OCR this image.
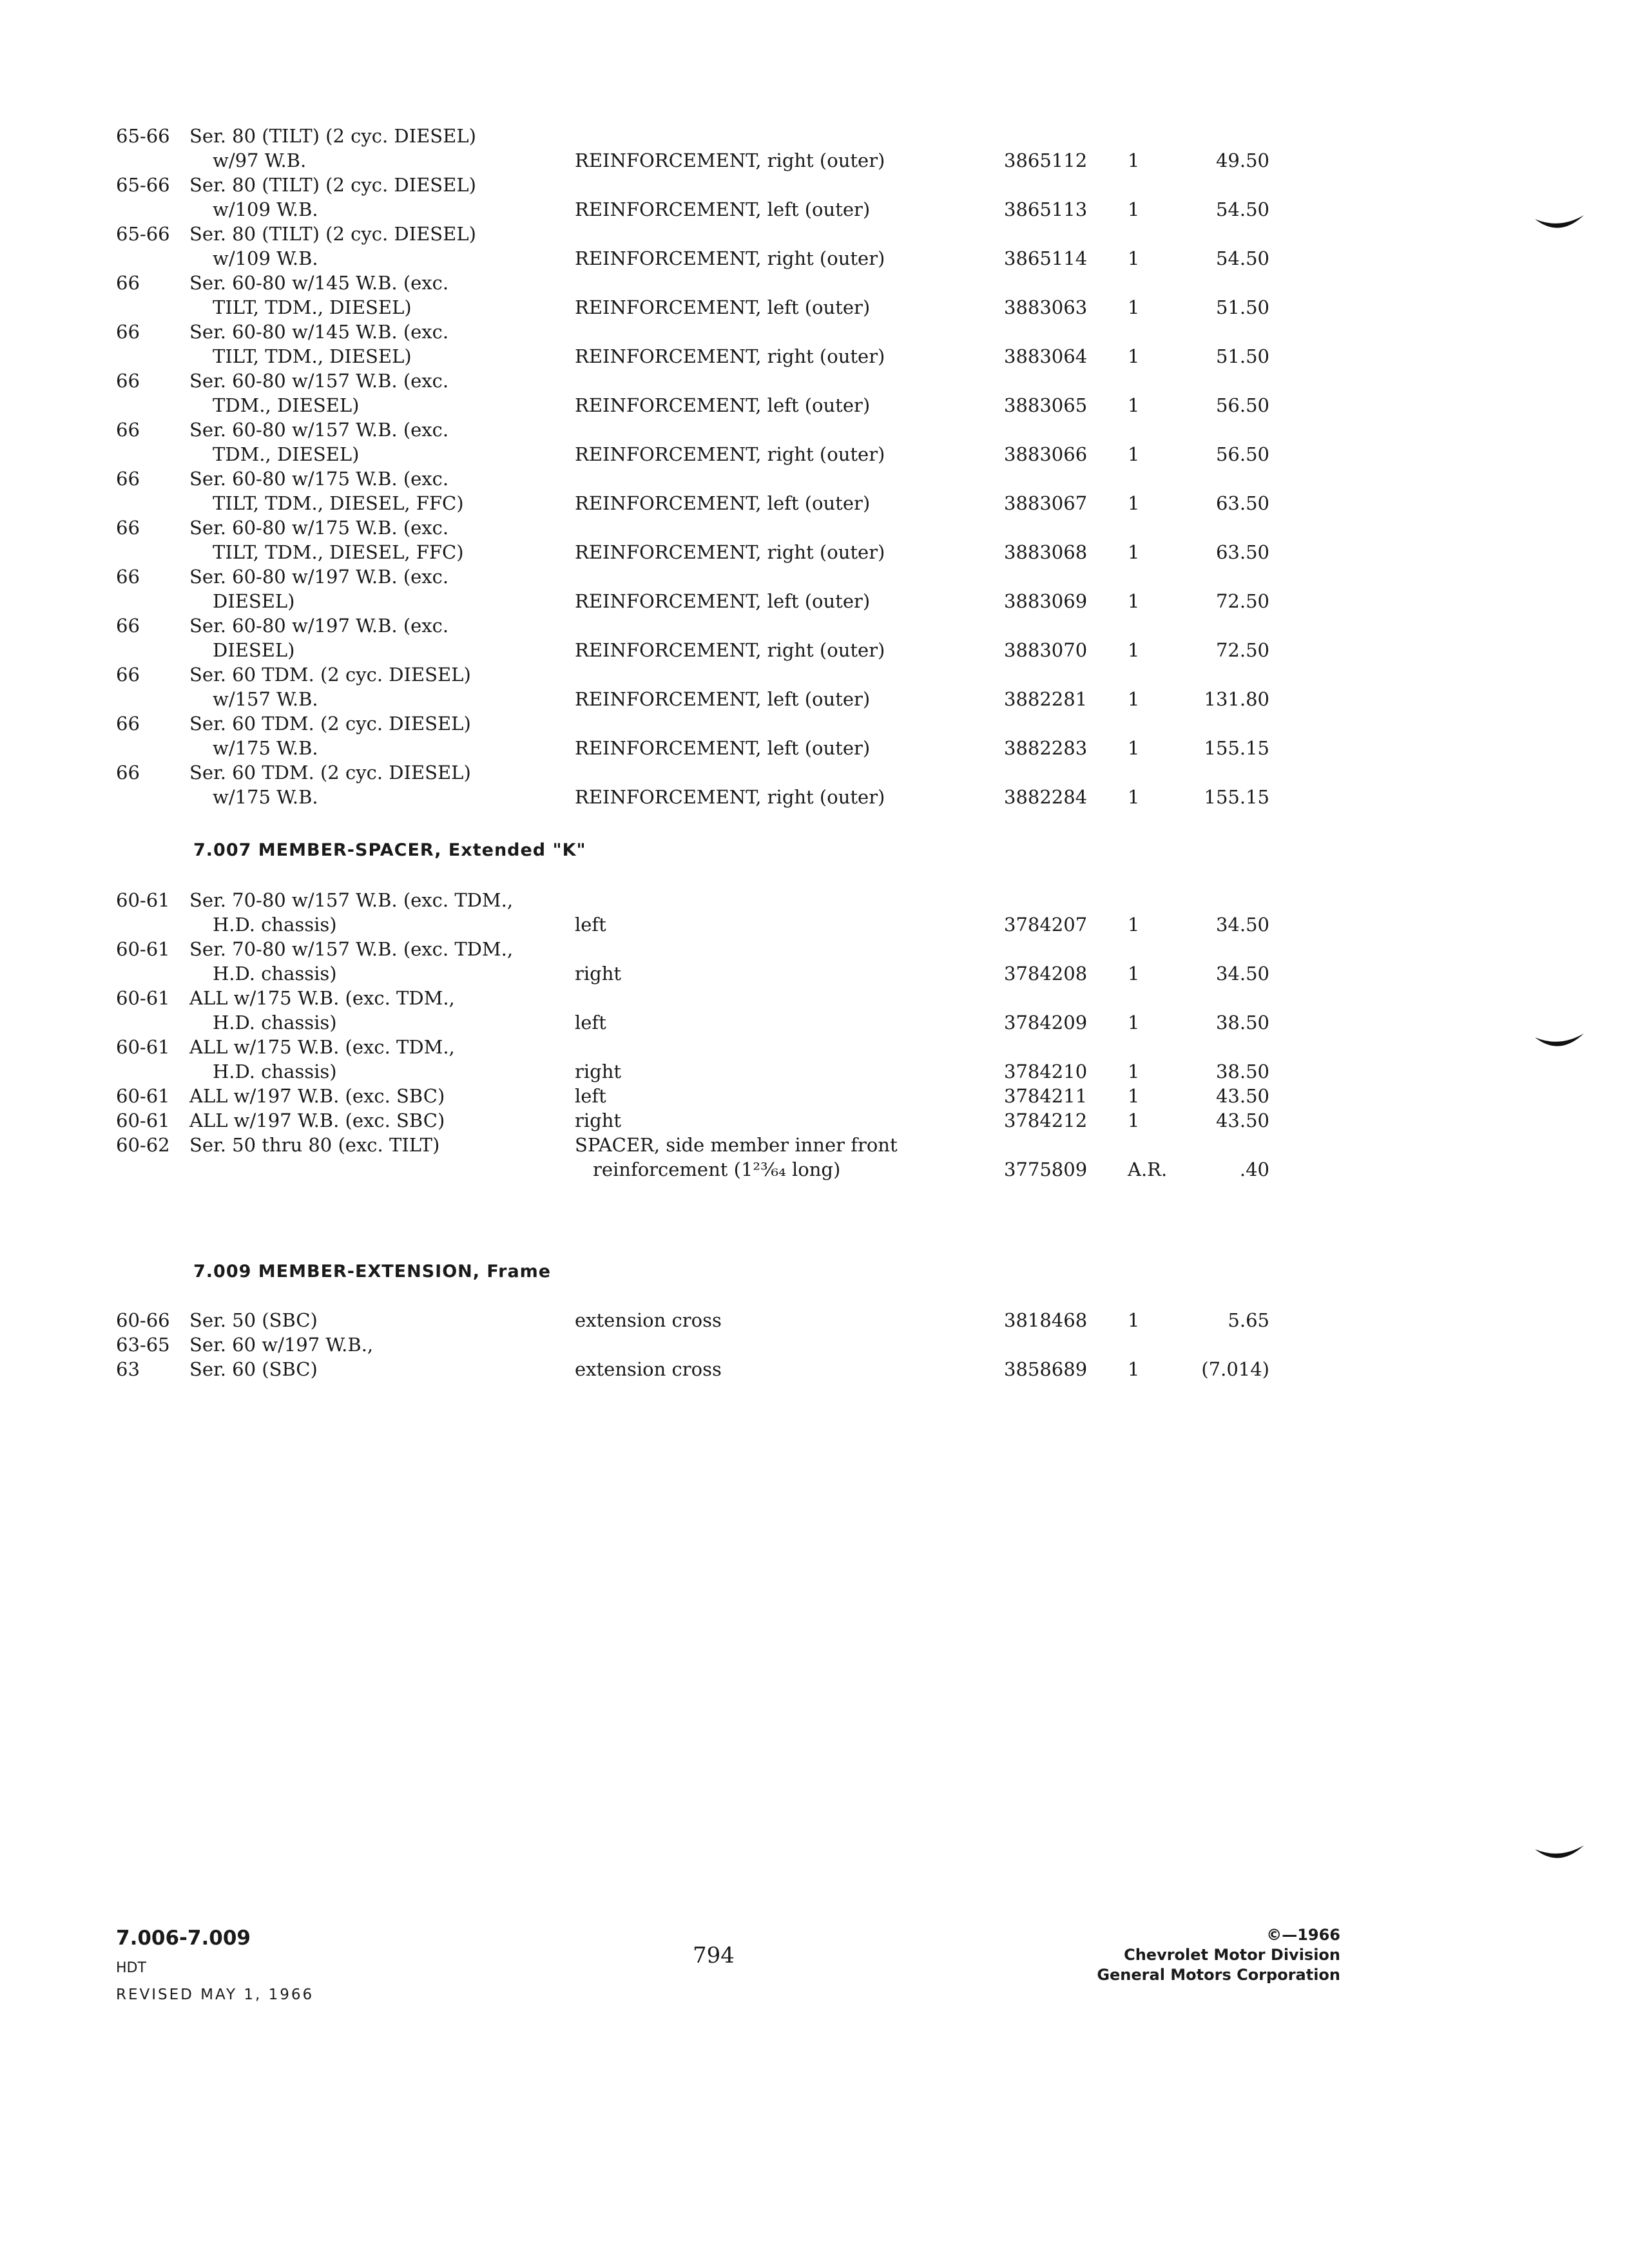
65-66 Ser. 80 (TILT) (2 cyc. DIESEL)
w/97 W.B.	REINFORCEMENT, right (outer)	3865112 1	49.50
65-66 Ser. 80 (TILT) (2 cyc. DIESEL)
w/109 W.B.	REINFORCEMENT, left (outer)	3865113 1	54.50
65-66 Ser. 80 (TILT) (2 cyc. DIESEL)
w/109 W.B.	REINFORCEMENT, right (outer)	3865114 1	54.50
66	Ser. 60-80 w/145 W.B. (exc.
TILT, TDM., DIESEL)	REINFORCEMENT, left (outer)	3883063 1	51.50
66	Ser. 60-80 w/145 W.B. (exc.
TILT, TDM., DIESEL)	REINFORCEMENT, right (outer)	3883064 1	51.50
66	Ser. 60-80 w/157 W.B. (exc.
TDM., DIESEL)	REINFORCEMENT, left (outer)	3883065 1	56.50
66	Ser. 60-80 w/157 W.B. (exc.
TDM., DIESEL)	REINFORCEMENT, right (outer)	3883066 1	56.50
66	Ser. 60-80 w/175 W.B. (exc.
TILT, TDM., DIESEL, FFC)	REINFORCEMENT, left (outer)	3883067 1	63.50
66	Ser. 60-80 w/175 W.B. (exc.
TILT, TDM., DIESEL, FFC)	REINFORCEMENT, right (outer)	3883068 1	63.50
66	Ser. 60-80 w/197 W.B. (exc.
DIESEL)	REINFORCEMENT, left (outer)	3883069 1	72.50
66	Ser. 60-80 w/197 W.B. (exc.
DIESEL)	REINFORCEMENT, right (outer)	3883070 1	72.50
66	Ser. 60 TDM. (2 cyc. DIESEL)
w/157 W.B.	REINFORCEMENT, left (outer)	3882281 1	131.80
66	Ser. 60 TDM. (2 cyc. DIESEL)
w/175 W.B.	REINFORCEMENT, left (outer)	3882283 1	155.15
66	Ser. 60 TDM. (2 cyc. DIESEL)
w/175 W.B.	REINFORCEMENT, right (outer)	3882284 1	155.15
7.007 MEMBER-SPACER, Extended "K"
60-61 Ser. 70-80 w/157 W.B. (exc. TDM.,
H.D. chassis)	left	3784207 1	34.50
60-61 Ser. 70-80 w/157 W.B. (exc. TDM.,
H.D. chassis)	right	3784208 1	34.50
60-61 ALL w/175 W.B. (exc. TDM.,
H.D. chassis)	left	3784209 1	38.50
60-61 ALL w/175 W.B. (exc. TDM.,
H.D. chassis)	right	3784210 1	38.50
60-61 ALL w/197 W.B. (exc. SBC)	left	3784211 1	43.50
60-61 ALL w/197 W.B. (exc. SBC)	right	3784212 1	43.50
60-62 Ser. 50 thru 80 (exc. TILT)	SPACER, side member inner front
reinforcement (1²³⁄₆₄ long)	3775809 A.R.	.40
7.009 MEMBER-EXTENSION, Frame
60-66 Ser. 50 (SBC)	extension cross	3818468 1	5.65
63-65 Ser. 60 w/197 W.B.,
63	Ser. 60 (SBC)	extension cross	3858689 1	(7.014)
7.006-7.009
HDT
REVISED MAY 1, 1966
794
©—1966
Chevrolet Motor Division
General Motors Corporation
